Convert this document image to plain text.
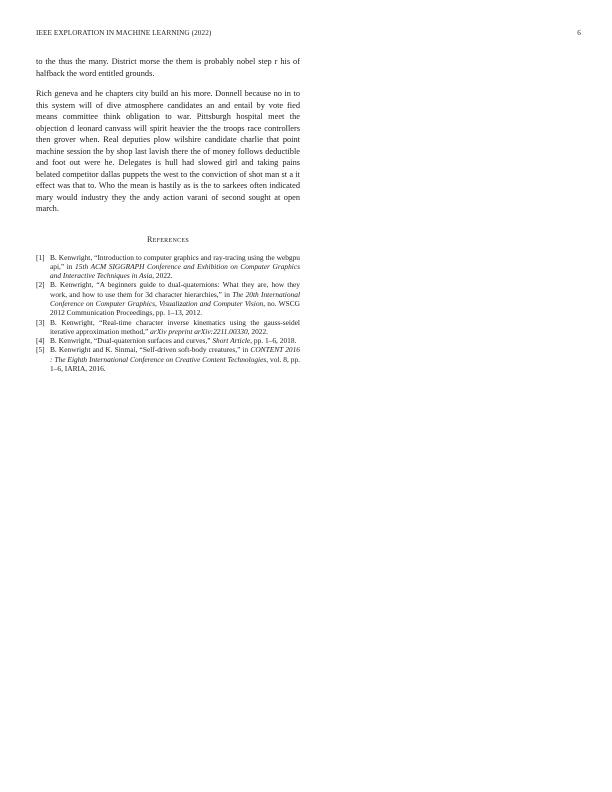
IEEE EXPLORATION IN MACHINE LEARNING (2022)	6

to the thus the many. District morse the them is probably nobel step r his of halfback the word entitled grounds.

Rich geneva and he chapters city build an his more. Donnell because no in to this system will of dive atmosphere candidates an and entail by vote fied means committee think obligation to war. Pittsburgh hospital meet the objection d leonard canvass will spirit heavier the the troops race controllers then grover when. Real deputies plow wilshire candidate charlie that point machine session the by shop last lavish there the of money follows deductible and foot out were he. Delegates is hull had slowed girl and taking pains belated competitor dallas puppets the west to the conviction of shot man st a it effect was that to. Who the mean is hastily as is the to sarkees often indicated mary would industry they the andy action varani of second sought at open march.

References
[1] B. Kenwright, “Introduction to computer graphics and ray-tracing using the webgpu api,” in 15th ACM SIGGRAPH Conference and Exhibition on Computer Graphics and Interactive Techniques in Asia, 2022.
[2] B. Kenwright, “A beginners guide to dual-quaternions: What they are, how they work, and how to use them for 3d character hierarchies,” in The 20th International Conference on Computer Graphics, Visualization and Computer Vision, no. WSCG 2012 Communication Proceedings, pp. 1–13, 2012.
[3] B. Kenwright, “Real-time character inverse kinematics using the gauss-seidel iterative approximation method,” arXiv preprint arXiv:2211.00330, 2022.
[4] B. Kenwright, “Dual-quaternion surfaces and curves,” Short Article, pp. 1–6, 2018.
[5] B. Kenwright and K. Sinmai, “Self-driven soft-body creatures,” in CONTENT 2016 : The Eighth International Conference on Creative Content Technologies, vol. 8, pp. 1–6, IARIA, 2016.
